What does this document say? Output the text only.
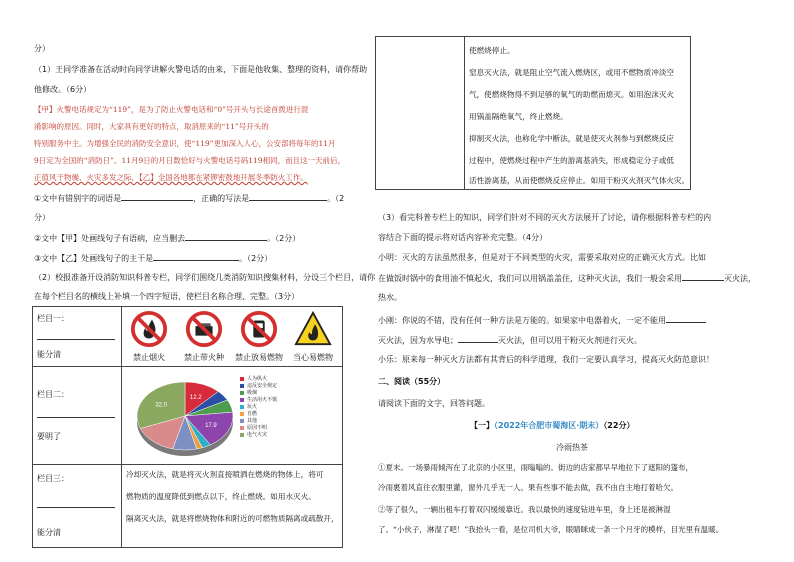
分）
（1）王同学准备在活动时向同学讲解火警电话的由来，下面是他收集、整理的资料，请你帮助
他修改。（6分）
【甲】火警电话规定为“119”，是为了防止火警电话和“0”号开头与长途首拨进行混
淆影响的原因。同时，大家具有更好的特点，取消原来的“11”号开头的
特别服务中主。为增强全民的消防安全意识，使“119”更加深入人心，公安部将每年的11月
9日定为全国的“消防日”。11月9日的月日数恰好与火警电话号码119相同，而且这一天前后，
正值风干物燥、火灾多发之际，【乙】全国各地都在紧锣密鼓地开展冬季防火工作。
①文中有错别字的词语是	，正确的写法是	。（2
分）
②文中【甲】处画线句子有语病，应当删去	。（2分）
③文中【乙】处画线句子的主干是	。（2分）
（2）校报准备开设消防知识科普专栏，同学们围绕几类消防知识搜集材料，分设三个栏目，请你
在每个栏目名的横线上补填一个四字短语，使栏目名称合理、完整。（3分）
栏目一：
能分清	禁止烟火	禁止带火种	禁止放易燃物	当心易燃物
栏目二：
要明了
12.2
17.9
32.0
人为纵火
违反安全规定
吸烟
生活用火不慎
玩火
自燃
其他
原因不明
电气火灾
栏目三：
能分清
冷却灭火法，就是将灭火剂直接喷洒在燃烧的物体上，将可
燃物质的温度降低到燃点以下，终止燃烧。如用水灭火。
隔离灭火法，就是将燃烧物体和附近的可燃物质隔离或疏散开，
使燃烧停止。
窒息灭火法，就是阻止空气流入燃烧区，或用不燃物质冲淡空
气，使燃烧物得不到足够的氧气的助燃而熄灭。如用泡沫灭火
用锅盖隔绝氧气，终止燃烧。
抑制灭火法，也称化学中断法，就是使灭火剂参与到燃烧反应
过程中，使燃烧过程中产生的游离基消失，形成稳定分子或低
活性游离基，从而使燃烧反应停止。如用干粉灭火剂灭气体火灾。
（3）看完科普专栏上的知识，同学们针对不同的灭火方法展开了讨论，请你根据科普专栏的内
容结合下面的提示将对话内容补充完整。（4分）
小明：灭火的方法虽然很多，但是对于不同类型的火灾，需要采取对应的正确灭火方式。比如
在做饭时锅中的食用油不慎起火，我们可以用锅盖盖住，这种灭火法，我们一般会采用	灭火法，
热水。
小刚：你说的不错，没有任何一种方法是万能的。如果家中电器着火，一定不能用
灭火法，因为水导电；	灭火法，但可以用干粉灭火剂进行灭火。
小乐：原来每一种灭火方法都有其背后的科学道理，我们一定要认真学习，提高灭火防范意识！
二、阅读（55分）
请阅读下面的文字，回答问题。
【一】（2022年合肥市蜀海区·期末）（22分）
冷雨热茶
①夏末。一场暴雨倾泻在了北京的小区里，雨嗡嗡的。街边的店家都早早地拉下了遮阳的篷布，
冷雨裹着风直往衣服里灌，窗外几乎无一人。果有些事不能去做，我不由自主地打着哈欠。
②等了很久，一辆出租车打着双闪缓缓靠近。我以最快的速度钻进车里，身上还是被淋湿
了。“小伙子，淋湿了吧！”我抬头一看，是位司机大爷，眼睛眯成一条一个月牙的模样，目光里有温暖。
